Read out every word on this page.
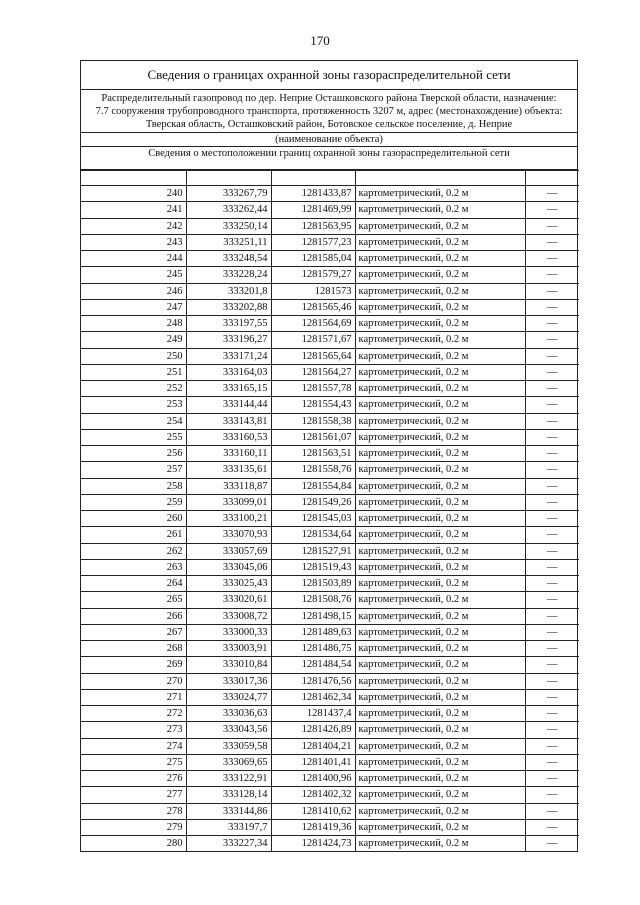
170
Сведения о границах охранной зоны газораспределительной сети
Распределительный газопровод по дер. Неприе Осташковского района Тверской области, назначение:
7.7 сооружения трубопроводного транспорта, протяженность 3207 м, адрес (местонахождение) объекта:
Тверская область, Осташковский район, Ботовское сельское поселение, д. Неприе
(наименование объекта)
Сведения о местоположении границ охранной зоны газораспределительной сети

240	333267,79	1281433,87	картометрический, 0.2 м	—
241	333262,44	1281469,99	картометрический, 0.2 м	—
242	333250,14	1281563,95	картометрический, 0.2 м	—
243	333251,11	1281577,23	картометрический, 0.2 м	—
244	333248,54	1281585,04	картометрический, 0.2 м	—
245	333228,24	1281579,27	картометрический, 0.2 м	—
246	333201,8	1281573	картометрический, 0.2 м	—
247	333202,88	1281565,46	картометрический, 0.2 м	—
248	333197,55	1281564,69	картометрический, 0.2 м	—
249	333196,27	1281571,67	картометрический, 0.2 м	—
250	333171,24	1281565,64	картометрический, 0.2 м	—
251	333164,03	1281564,27	картометрический, 0.2 м	—
252	333165,15	1281557,78	картометрический, 0.2 м	—
253	333144,44	1281554,43	картометрический, 0.2 м	—
254	333143,81	1281558,38	картометрический, 0.2 м	—
255	333160,53	1281561,07	картометрический, 0.2 м	—
256	333160,11	1281563,51	картометрический, 0.2 м	—
257	333135,61	1281558,76	картометрический, 0.2 м	—
258	333118,87	1281554,84	картометрический, 0.2 м	—
259	333099,01	1281549,26	картометрический, 0.2 м	—
260	333100,21	1281545,03	картометрический, 0.2 м	—
261	333070,93	1281534,64	картометрический, 0.2 м	—
262	333057,69	1281527,91	картометрический, 0.2 м	—
263	333045,06	1281519,43	картометрический, 0.2 м	—
264	333025,43	1281503,89	картометрический, 0.2 м	—
265	333020,61	1281508,76	картометрический, 0.2 м	—
266	333008,72	1281498,15	картометрический, 0.2 м	—
267	333000,33	1281489,63	картометрический, 0.2 м	—
268	333003,91	1281486,75	картометрический, 0.2 м	—
269	333010,84	1281484,54	картометрический, 0.2 м	—
270	333017,36	1281476,56	картометрический, 0.2 м	—
271	333024,77	1281462,34	картометрический, 0.2 м	—
272	333036,63	1281437,4	картометрический, 0.2 м	—
273	333043,56	1281426,89	картометрический, 0.2 м	—
274	333059,58	1281404,21	картометрический, 0.2 м	—
275	333069,65	1281401,41	картометрический, 0.2 м	—
276	333122,91	1281400,96	картометрический, 0.2 м	—
277	333128,14	1281402,32	картометрический, 0.2 м	—
278	333144,86	1281410,62	картометрический, 0.2 м	—
279	333197,7	1281419,36	картометрический, 0.2 м	—
280	333227,34	1281424,73	картометрический, 0.2 м	—
